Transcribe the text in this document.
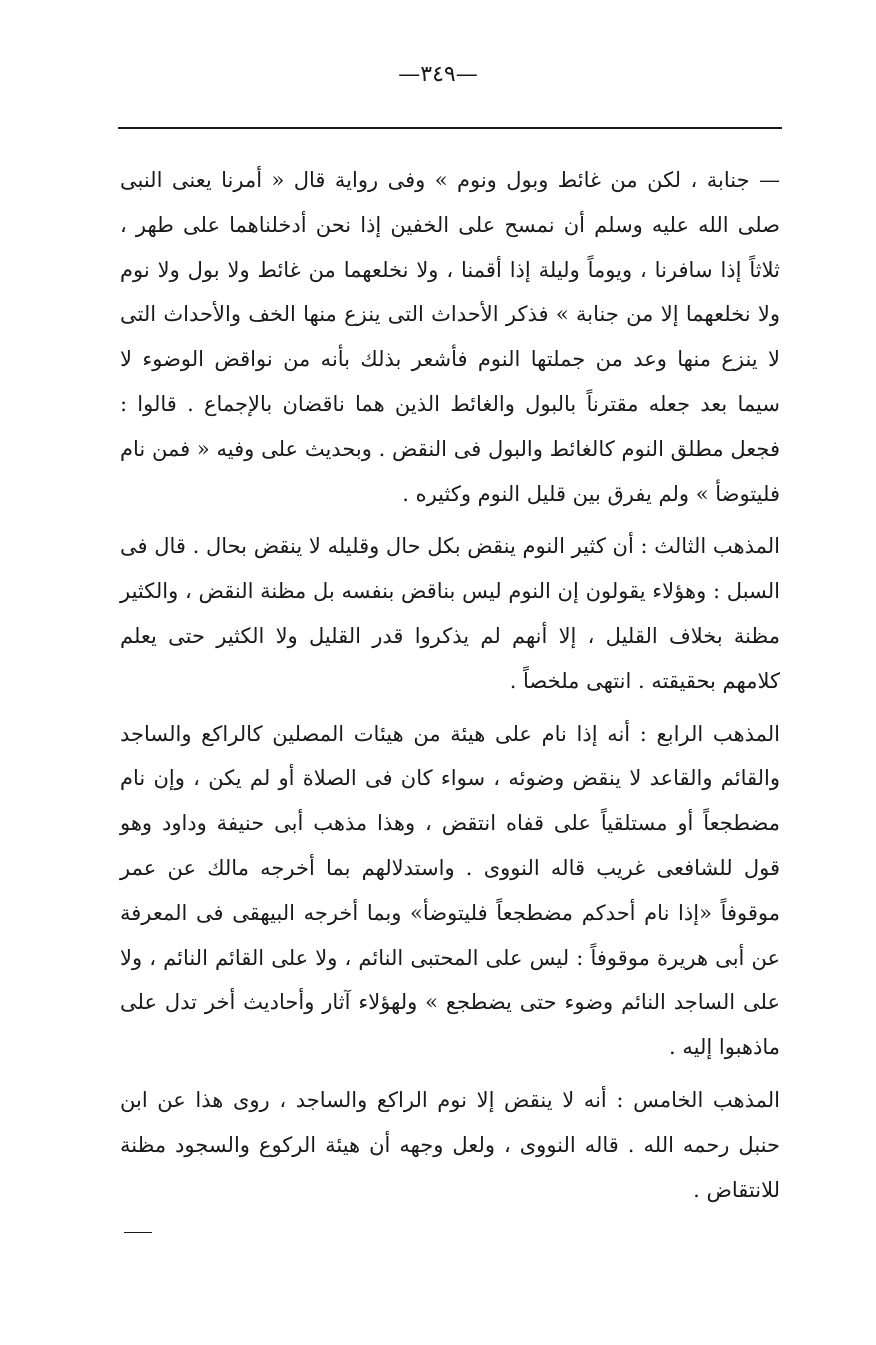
—٣٤٩—

— جنابة ، لكن من غائط وبول ونوم » وفى رواية قال « أمرنا يعنى النبى صلى الله عليه وسلم أن نمسح على الخفين إذا نحن أدخلناهما على طهر ، ثلاثاً إذا سافرنا ، ويوماً وليلة إذا أقمنا ، ولا نخلعهما من غائط ولا بول ولا نوم ولا نخلعهما إلا من جنابة » فذكر الأحداث التى ينزع منها الخف والأحداث التى لا ينزع منها وعد من جملتها النوم فأشعر بذلك بأنه من نواقض الوضوء لا سيما بعد جعله مقترناً بالبول والغائط الذين هما ناقضان بالإجماع . قالوا : فجعل مطلق النوم كالغائط والبول فى النقض . وبحديث على وفيه « فمن نام فليتوضأ » ولم يفرق بين قليل النوم وكثيره .

المذهب الثالث : أن كثير النوم ينقض بكل حال وقليله لا ينقض بحال . قال فى السبل : وهؤلاء يقولون إن النوم ليس بناقض بنفسه بل مظنة النقض ، والكثير مظنة بخلاف القليل ، إلا أنهم لم يذكروا قدر القليل ولا الكثير حتى يعلم كلامهم بحقيقته . انتهى ملخصاً .

المذهب الرابع : أنه إذا نام على هيئة من هيئات المصلين كالراكع والساجد والقائم والقاعد لا ينقض وضوئه ، سواء كان فى الصلاة أو لم يكن ، وإن نام مضطجعاً أو مستلقياً على قفاه انتقض ، وهذا مذهب أبى حنيفة وداود وهو قول للشافعى غريب قاله النووى . واستدلالهم بما أخرجه مالك عن عمر موقوفاً «إذا نام أحدكم مضطجعاً فليتوضأ» وبما أخرجه البيهقى فى المعرفة عن أبى هريرة موقوفاً : ليس على المحتبى النائم ، ولا على القائم النائم ، ولا على الساجد النائم وضوء حتى يضطجع » ولهؤلاء آثار وأحاديث أخر تدل على ماذهبوا إليه .

المذهب الخامس : أنه لا ينقض إلا نوم الراكع والساجد ، روى هذا عن ابن حنبل رحمه الله . قاله النووى ، ولعل وجهه أن هيئة الركوع والسجود مظنة للانتقاض .
